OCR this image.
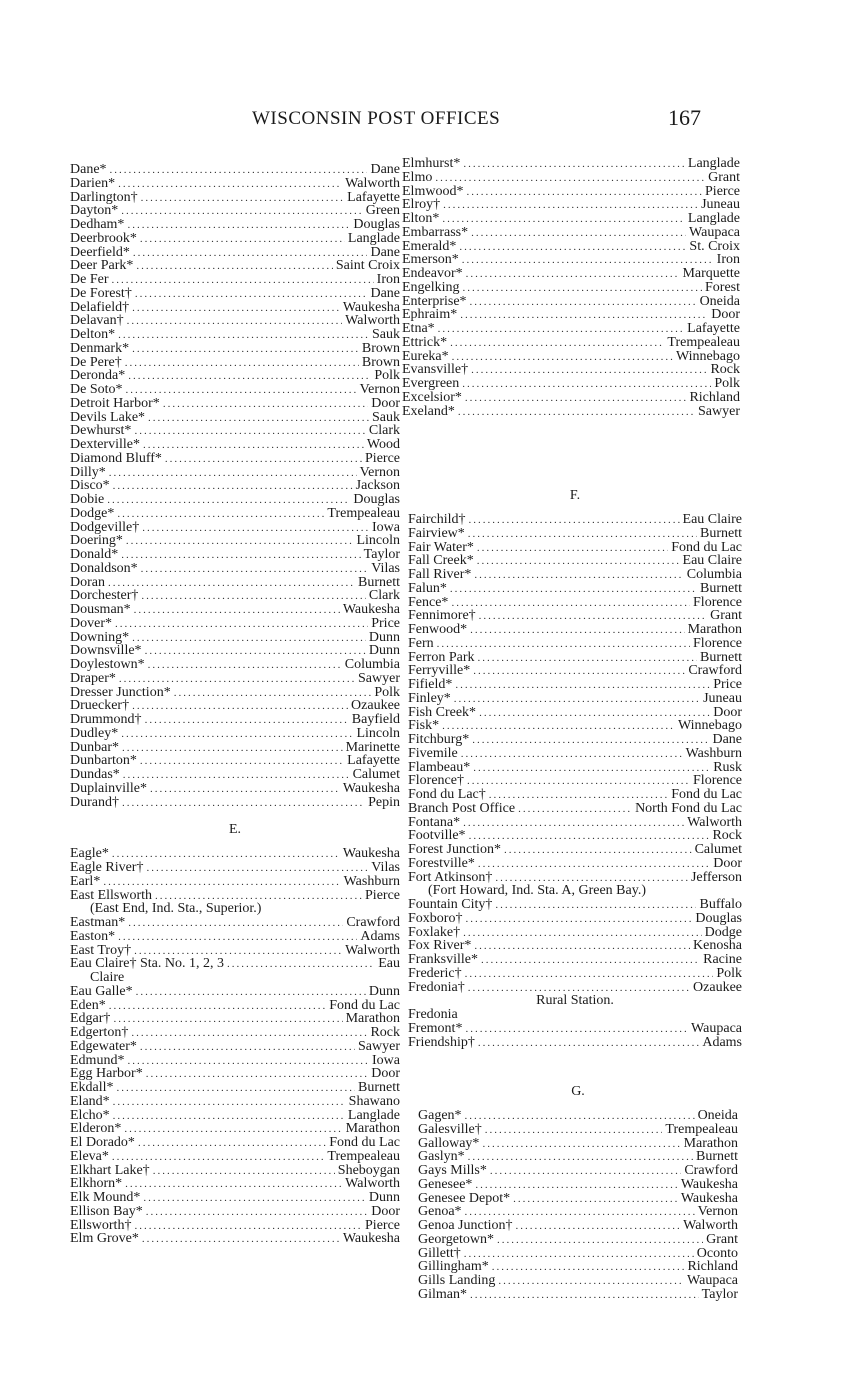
WISCONSIN POST OFFICES	167
Dane* .....	Dane
Darien* .....	Walworth
Darlington† .....	Lafayette
Dayton* .....	Green
Dedham* .....	Douglas
Deerbrook* .....	Langlade
Deerfield* .....	Dane
Deer Park* .....	Saint Croix
De Fer .....	Iron
De Forest† .....	Dane
Delafield† .....	Waukesha
Delavan† .....	Walworth
Delton* .....	Sauk
Denmark* .....	Brown
De Pere† .....	Brown
Deronda* .....	Polk
De Soto* .....	Vernon
Detroit Harbor* .....	Door
Devils Lake* .....	Sauk
Dewhurst* .....	Clark
Dexterville* .....	Wood
Diamond Bluff* .....	Pierce
Dilly* .....	Vernon
Disco* .....	Jackson
Dobie .....	Douglas
Dodge* .....	Trempealeau
Dodgeville† .....	Iowa
Doering* .....	Lincoln
Donald* .....	Taylor
Donaldson* .....	Vilas
Doran .....	Burnett
Dorchester† .....	Clark
Dousman* .....	Waukesha
Dover* .....	Price
Downing* .....	Dunn
Downsville* .....	Dunn
Doylestown* .....	Columbia
Draper* .....	Sawyer
Dresser Junction* .....	Polk
Druecker† .....	Ozaukee
Drummond† .....	Bayfield
Dudley* .....	Lincoln
Dunbar* .....	Marinette
Dunbarton* .....	Lafayette
Dundas* .....	Calumet
Duplainville* .....	Waukesha
Durand† .....	Pepin
E.
Eagle* .....	Waukesha
Eagle River† .....	Vilas
Earl* .....	Washburn
East Ellsworth .....	Pierce
(East End, Ind. Sta., Superior.)
Eastman* .....	Crawford
Easton* .....	Adams
East Troy† .....	Walworth
Eau Claire† Sta. No. 1, 2, 3 .....	Eau
Claire
Eau Galle* .....	Dunn
Eden* .....	Fond du Lac
Edgar† .....	Marathon
Edgerton† .....	Rock
Edgewater* .....	Sawyer
Edmund* .....	Iowa
Egg Harbor* .....	Door
Ekdall* .....	Burnett
Eland* .....	Shawano
Elcho* .....	Langlade
Elderon* .....	Marathon
El Dorado* .....	Fond du Lac
Eleva* .....	Trempealeau
Elkhart Lake† .....	Sheboygan
Elkhorn* .....	Walworth
Elk Mound* .....	Dunn
Ellison Bay* .....	Door
Ellsworth† .....	Pierce
Elm Grove* .....	Waukesha
Elmhurst* .....	Langlade
Elmo .....	Grant
Elmwood* .....	Pierce
Elroy† .....	Juneau
Elton* .....	Langlade
Embarrass* .....	Waupaca
Emerald* .....	St. Croix
Emerson* .....	Iron
Endeavor* .....	Marquette
Engelking .....	Forest
Enterprise* .....	Oneida
Ephraim* .....	Door
Etna* .....	Lafayette
Ettrick* .....	Trempealeau
Eureka* .....	Winnebago
Evansville† .....	Rock
Evergreen .....	Polk
Excelsior* .....	Richland
Exeland* .....	Sawyer
F.
Fairchild† .....	Eau Claire
Fairview* .....	Burnett
Fair Water* .....	Fond du Lac
Fall Creek* .....	Eau Claire
Fall River* .....	Columbia
Falun* .....	Burnett
Fence* .....	Florence
Fennimore† .....	Grant
Fenwood* .....	Marathon
Fern .....	Florence
Ferron Park .....	Burnett
Ferryville* .....	Crawford
Fifield* .....	Price
Finley* .....	Juneau
Fish Creek* .....	Door
Fisk* .....	Winnebago
Fitchburg* .....	Dane
Fivemile .....	Washburn
Flambeau* .....	Rusk
Florence† .....	Florence
Fond du Lac† .....	Fond du Lac
Branch Post Office .....	North Fond du Lac
Fontana* .....	Walworth
Footville* .....	Rock
Forest Junction* .....	Calumet
Forestville* .....	Door
Fort Atkinson† .....	Jefferson
(Fort Howard, Ind. Sta. A, Green Bay.)
Fountain City† .....	Buffalo
Foxboro† .....	Douglas
Foxlake† .....	Dodge
Fox River* .....	Kenosha
Franksville* .....	Racine
Frederic† .....	Polk
Fredonia† .....	Ozaukee
Rural Station.
Fredonia
Fremont* .....	Waupaca
Friendship† .....	Adams
G.
Gagen* .....	Oneida
Galesville† .....	Trempealeau
Galloway* .....	Marathon
Gaslyn* .....	Burnett
Gays Mills* .....	Crawford
Genesee* .....	Waukesha
Genesee Depot* .....	Waukesha
Genoa* .....	Vernon
Genoa Junction† .....	Walworth
Georgetown* .....	Grant
Gillett† .....	Oconto
Gillingham* .....	Richland
Gills Landing .....	Waupaca
Gilman* .....	Taylor
